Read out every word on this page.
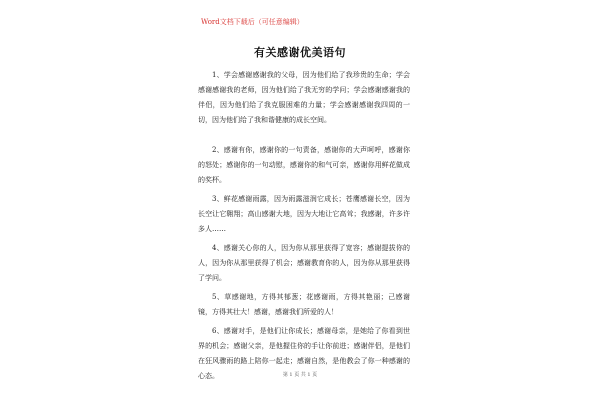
Word文档下载后（可任意编辑）
有关感谢优美语句

1、学会感谢感谢我的父母，因为他们给了我珍贵的生命；学会感谢感谢我的老师，因为他们给了我无穷的学问；学会感谢感谢我的伴侣，因为他们给了我克服困难的力量；学会感谢感谢我四周的一切，因为他们给了我和谐健康的成长空间。

2、感谢有你，感谢你的一句责备，感谢你的大声呵呼，感谢你的怒处；感谢你的一句动慰，感谢你的和气可亲，感谢你用鲜花做成的奖杯。

3、鲜花感谢雨露，因为雨露滋润它成长；苍鹰感谢长空，因为长空让它翱翔；高山感谢大地，因为大地让它高耸；我感谢，许多许多人……

4、感谢关心你的人，因为你从那里获得了宽容；感谢提拔你的人，因为你从那里获得了机会；感谢教育你的人，因为你从那里获得了学问。

5、草感谢地，方得其郁葱；花感谢雨，方得其艳丽；己感谢镜，方得其壮大！感谢，感谢我们所爱的人！

6、感谢对手，是他们让你成长；感谢母亲，是她给了你看到世界的机会；感谢父亲，是他握住你的手让你前进；感谢伴侣，是他们在狂风骤雨的路上陪你一起走；感谢自然，是他教会了你一种感谢的心态。	第 1 页 共 1 页
